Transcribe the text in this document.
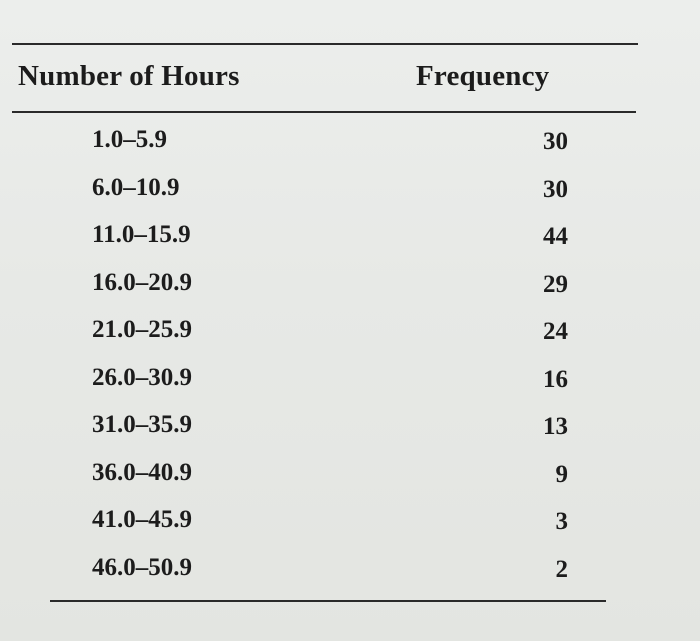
Number of Hours	Frequency
1.0–5.9	30
6.0–10.9	30
11.0–15.9	44
16.0–20.9	29
21.0–25.9	24
26.0–30.9	16
31.0–35.9	13
36.0–40.9	9
41.0–45.9	3
46.0–50.9	2
